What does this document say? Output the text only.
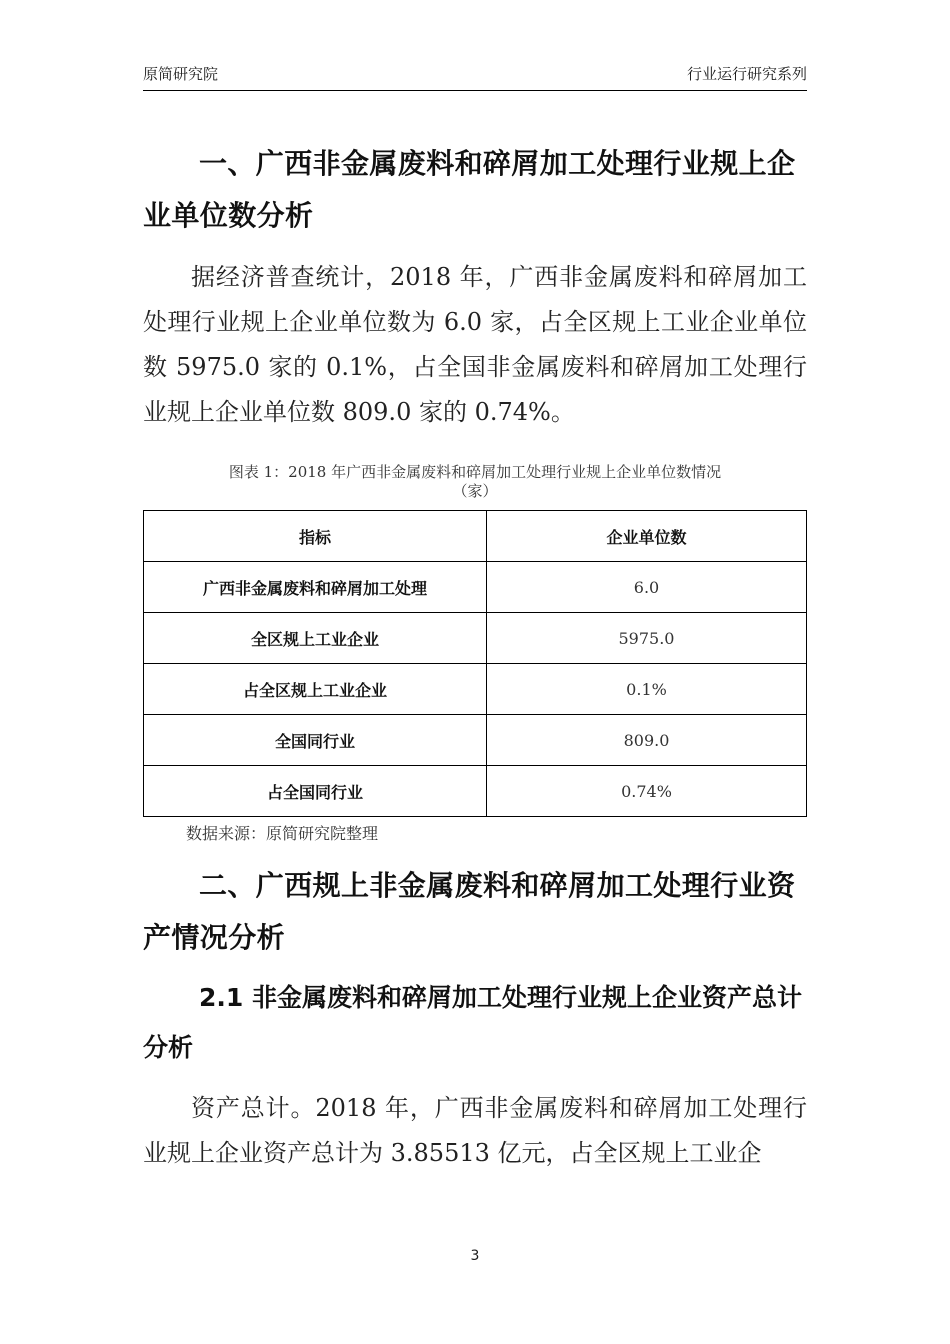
原简研究院	行业运行研究系列

一、广西非金属废料和碎屑加工处理行业规上企业单位数分析

据经济普查统计，2018 年，广西非金属废料和碎屑加工处理行业规上企业单位数为 6.0 家，占全区规上工业企业单位数 5975.0 家的 0.1%，占全国非金属废料和碎屑加工处理行业规上企业单位数 809.0 家的 0.74%。

图表 1：2018 年广西非金属废料和碎屑加工处理行业规上企业单位数情况
（家）
指标	企业单位数
广西非金属废料和碎屑加工处理	6.0
全区规上工业企业	5975.0
占全区规上工业企业	0.1%
全国同行业	809.0
占全国同行业	0.74%
数据来源：原简研究院整理

二、广西规上非金属废料和碎屑加工处理行业资产情况分析

2.1 非金属废料和碎屑加工处理行业规上企业资产总计分析

资产总计。2018 年，广西非金属废料和碎屑加工处理行业规上企业资产总计为 3.85513 亿元，占全区规上工业企

3
